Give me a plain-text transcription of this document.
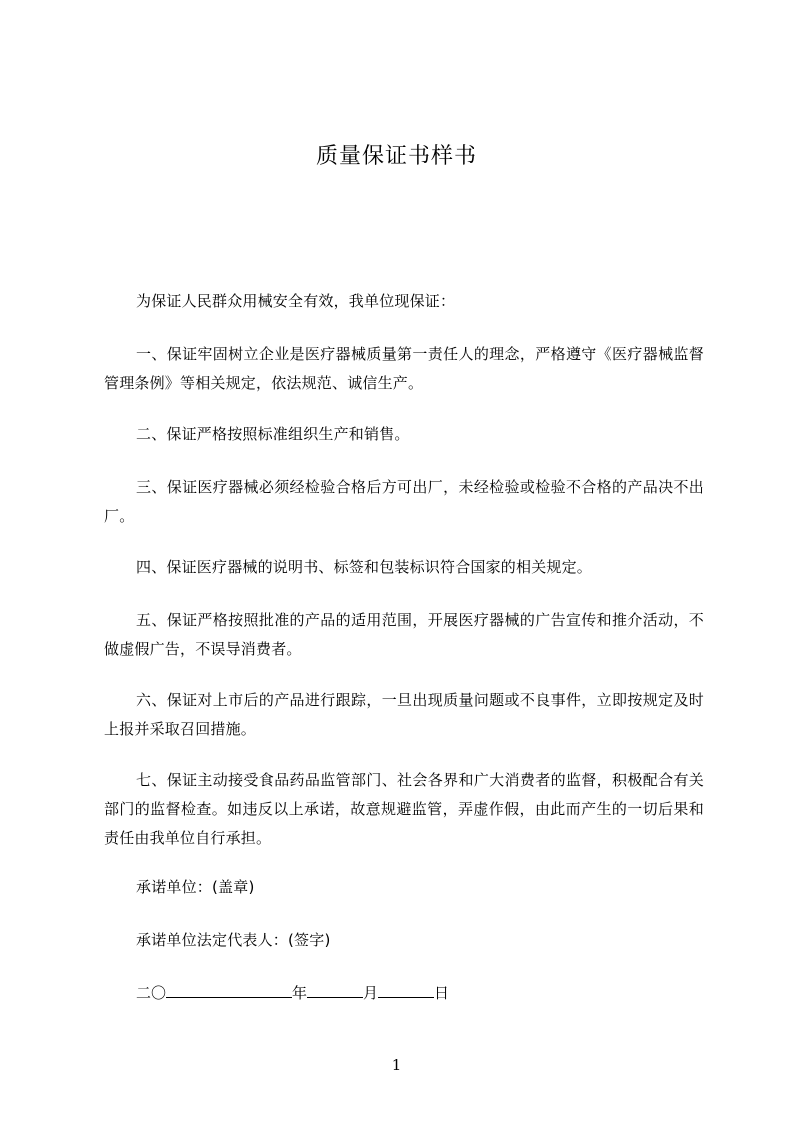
质量保证书样书
为保证人民群众用械安全有效，我单位现保证：
一、保证牢固树立企业是医疗器械质量第一责任人的理念，严格遵守《医疗器械监督管理条例》等相关规定，依法规范、诚信生产。
二、保证严格按照标准组织生产和销售。
三、保证医疗器械必须经检验合格后方可出厂，未经检验或检验不合格的产品决不出厂。
四、保证医疗器械的说明书、标签和包装标识符合国家的相关规定。
五、保证严格按照批准的产品的适用范围，开展医疗器械的广告宣传和推介活动，不做虚假广告，不误导消费者。
六、保证对上市后的产品进行跟踪，一旦出现质量问题或不良事件，立即按规定及时上报并采取召回措施。
七、保证主动接受食品药品监管部门、社会各界和广大消费者的监督，积极配合有关部门的监督检查。如违反以上承诺，故意规避监管，弄虚作假，由此而产生的一切后果和责任由我单位自行承担。
承诺单位：(盖章)
承诺单位法定代表人：(签字)
二〇	年	月	日
1
